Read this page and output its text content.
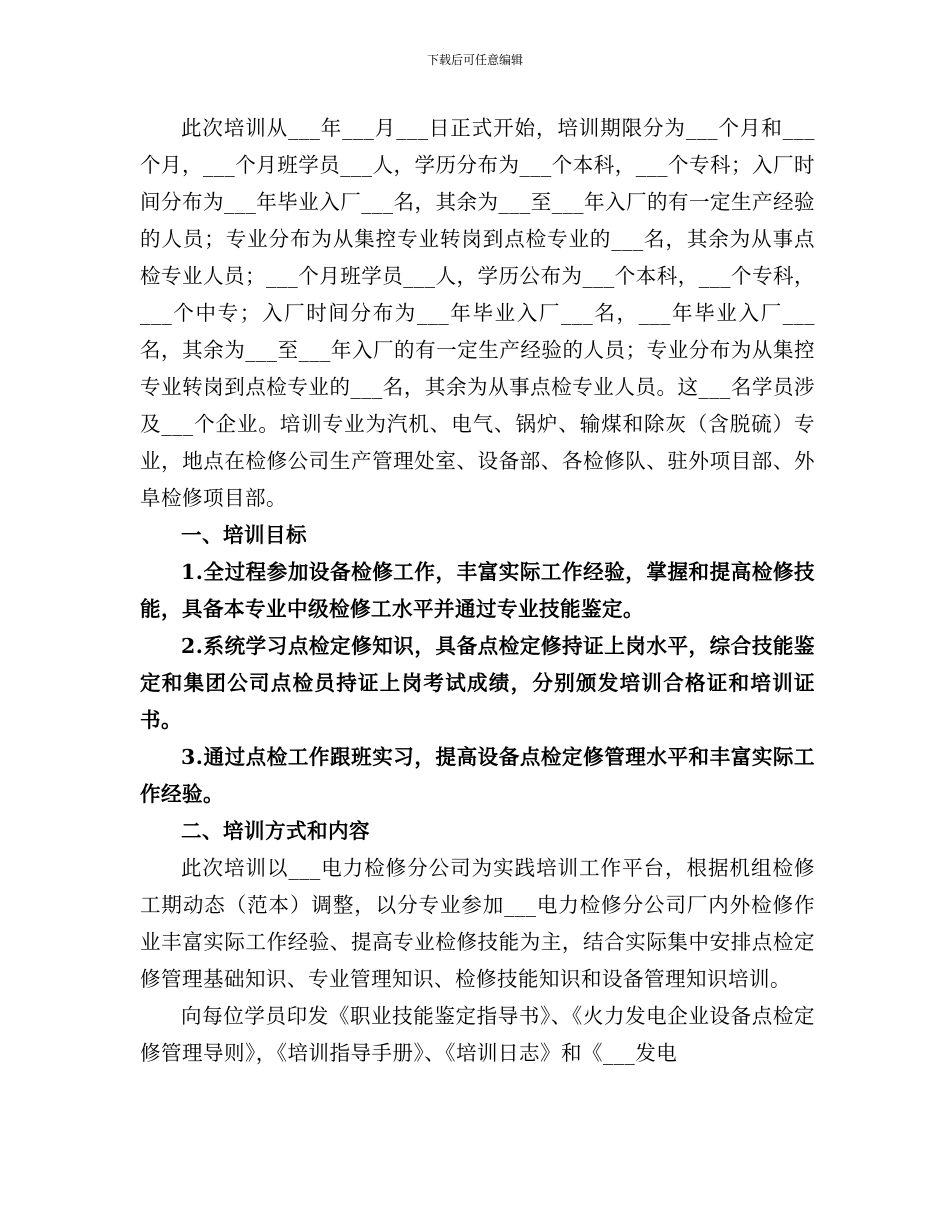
下载后可任意编辑

此次培训从___年___月___日正式开始，培训期限分为___个月和___个月，___个月班学员___人，学历分布为___个本科，___个专科；入厂时间分布为___年毕业入厂___名，其余为___至___年入厂的有一定生产经验的人员；专业分布为从集控专业转岗到点检专业的___名，其余为从事点检专业人员；___个月班学员___人，学历公布为___个本科，___个专科，___个中专；入厂时间分布为___年毕业入厂___名，___年毕业入厂___名，其余为___至___年入厂的有一定生产经验的人员；专业分布为从集控专业转岗到点检专业的___名，其余为从事点检专业人员。这___名学员涉及___个企业。培训专业为汽机、电气、锅炉、输煤和除灰（含脱硫）专业，地点在检修公司生产管理处室、设备部、各检修队、驻外项目部、外阜检修项目部。

一、培训目标

1.全过程参加设备检修工作，丰富实际工作经验，掌握和提高检修技能，具备本专业中级检修工水平并通过专业技能鉴定。

2.系统学习点检定修知识，具备点检定修持证上岗水平，综合技能鉴定和集团公司点检员持证上岗考试成绩，分别颁发培训合格证和培训证书。

3.通过点检工作跟班实习，提高设备点检定修管理水平和丰富实际工作经验。

二、培训方式和内容

此次培训以___电力检修分公司为实践培训工作平台，根据机组检修工期动态（范本）调整，以分专业参加___电力检修分公司厂内外检修作业丰富实际工作经验、提高专业检修技能为主，结合实际集中安排点检定修管理基础知识、专业管理知识、检修技能知识和设备管理知识培训。

向每位学员印发《职业技能鉴定指导书》、《火力发电企业设备点检定修管理导则》，《培训指导手册》、《培训日志》和《___发电
